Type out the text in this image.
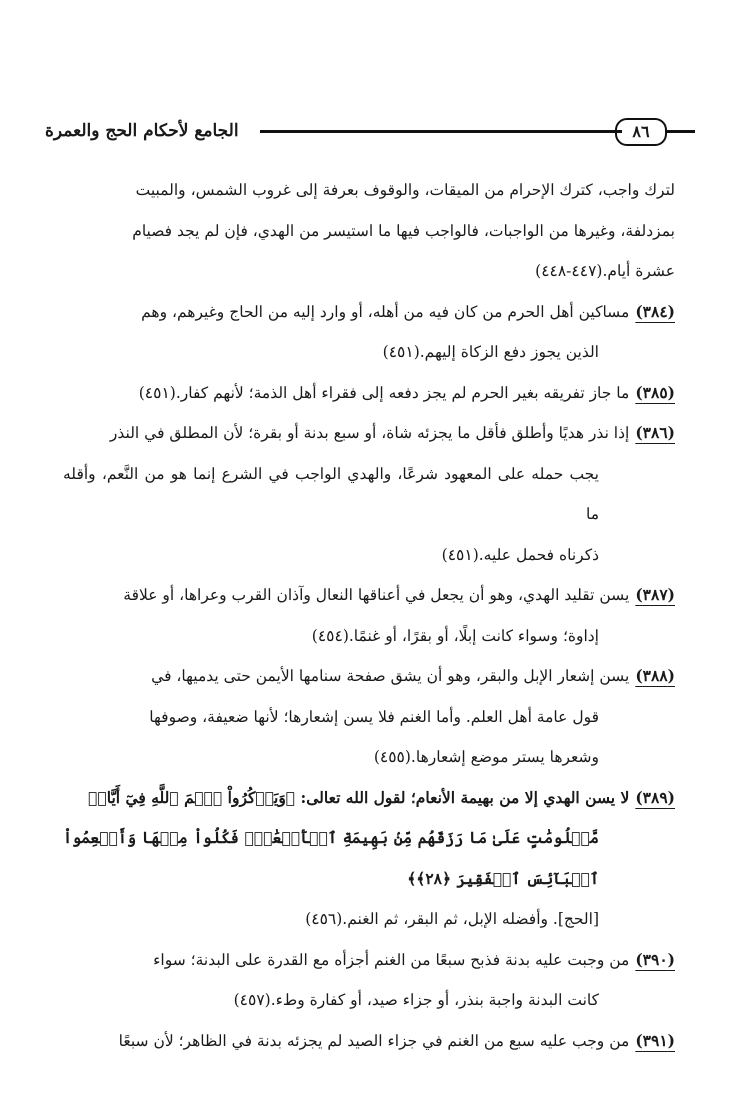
٨٦
الجامع لأحكام الحج والعمرة
لترك واجب، كترك الإحرام من الميقات، والوقوف بعرفة إلى غروب الشمس، والمبيت
بمزدلفة، وغيرها من الواجبات، فالواجب فيها ما استيسر من الهدي، فإن لم يجد فصيام
عشرة أيام.(٤٤٧-٤٤٨)
(٣٨٤)مساكين أهل الحرم من كان فيه من أهله، أو وارد إليه من الحاج وغيرهم، وهم
الذين يجوز دفع الزكاة إليهم.(٤٥١)
(٣٨٥)ما جاز تفريقه بغير الحرم لم يجز دفعه إلى فقراء أهل الذمة؛ لأنهم كفار.(٤٥١)
(٣٨٦)إذا نذر هديًا وأطلق فأقل ما يجزئه شاة، أو سبع بدنة أو بقرة؛ لأن المطلق في النذر
يجب حمله على المعهود شرعًا، والهدي الواجب في الشرع إنما هو من النَّعم، وأقله ما
ذكرناه فحمل عليه.(٤٥١)
(٣٨٧)يسن تقليد الهدي، وهو أن يجعل في أعناقها النعال وآذان القرب وعراها، أو علاقة
إداوة؛ وسواء كانت إبلًا، أو بقرًا، أو غنمًا.(٤٥٤)
(٣٨٨)يسن إشعار الإبل والبقر، وهو أن يشق صفحة سنامها الأيمن حتى يدميها، في
قول عامة أهل العلم. وأما الغنم فلا يسن إشعارها؛ لأنها ضعيفة، وصوفها
وشعرها يستر موضع إشعارها.(٤٥٥)
(٣٨٩)لا يسن الهدي إلا من بهيمة الأنعام؛ لقول الله تعالى: ﴿وَيَذۡكُرُواْ ٱسۡمَ ٱللَّهِ فِيٓ أَيَّامٖ
مَّعۡلُومَٰتٍ عَلَىٰ مَا رَزَقَهُم مِّنۢ بَهِيمَةِ ٱلۡأَنۡعَٰمِۖ فَكُلُواْ مِنۡهَا وَأَطۡعِمُواْ ٱلۡبَآئِسَ ٱلۡفَقِيرَ ﴿٢٨﴾﴾
[الحج]. وأفضله الإبل، ثم البقر، ثم الغنم.(٤٥٦)
(٣٩٠)من وجبت عليه بدنة فذبح سبعًا من الغنم أجزأه مع القدرة على البدنة؛ سواء
كانت البدنة واجبة بنذر، أو جزاء صيد، أو كفارة وطء.(٤٥٧)
(٣٩١)من وجب عليه سبع من الغنم في جزاء الصيد لم يجزئه بدنة في الظاهر؛ لأن سبعًا
